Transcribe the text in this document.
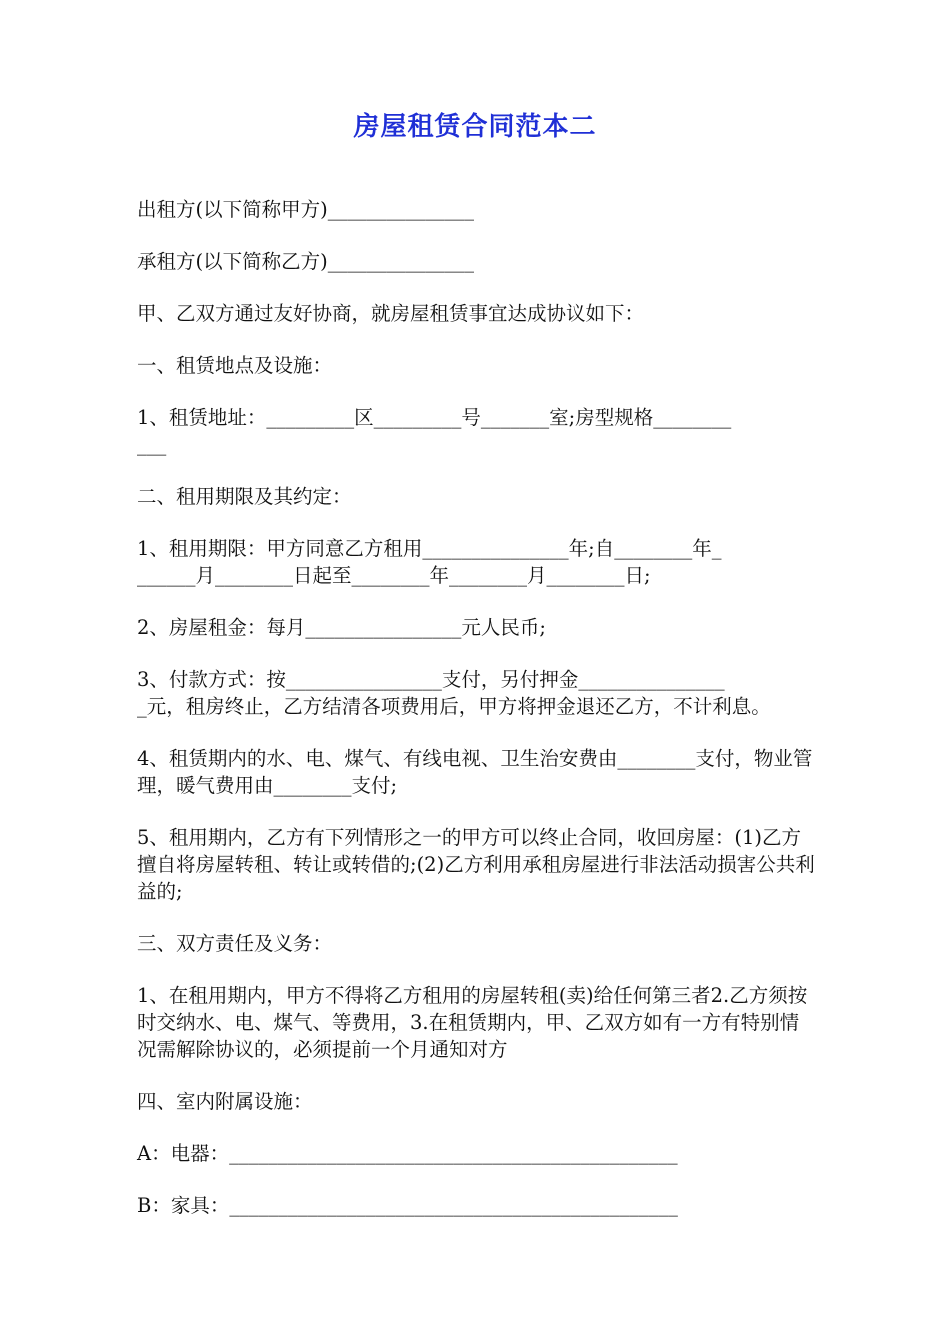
房屋租赁合同范本二

出租方(以下简称甲方)_______________

承租方(以下简称乙方)_______________

甲、乙双方通过友好协商，就房屋租赁事宜达成协议如下：

一、租赁地点及设施：

1、租赁地址：_________区_________号_______室;房型规格________
___

二、租用期限及其约定：

1、租用期限：甲方同意乙方租用_______________年;自________年_
______月________日起至________年________月________日;

2、房屋租金：每月________________元人民币;

3、付款方式：按________________支付，另付押金_______________
_元，租房终止，乙方结清各项费用后，甲方将押金退还乙方，不计利息。

4、租赁期内的水、电、煤气、有线电视、卫生治安费由________支付，物业管理，暖气费用由________支付;

5、租用期内，乙方有下列情形之一的甲方可以终止合同，收回房屋：(1)乙方擅自将房屋转租、转让或转借的;(2)乙方利用承租房屋进行非法活动损害公共利益的;

三、双方责任及义务：

1、在租用期内，甲方不得将乙方租用的房屋转租(卖)给任何第三者2.乙方须按时交纳水、电、煤气、等费用，3.在租赁期内，甲、乙双方如有一方有特别情况需解除协议的，必须提前一个月通知对方

四、室内附属设施：

A：电器：______________________________________________

B：家具：______________________________________________
